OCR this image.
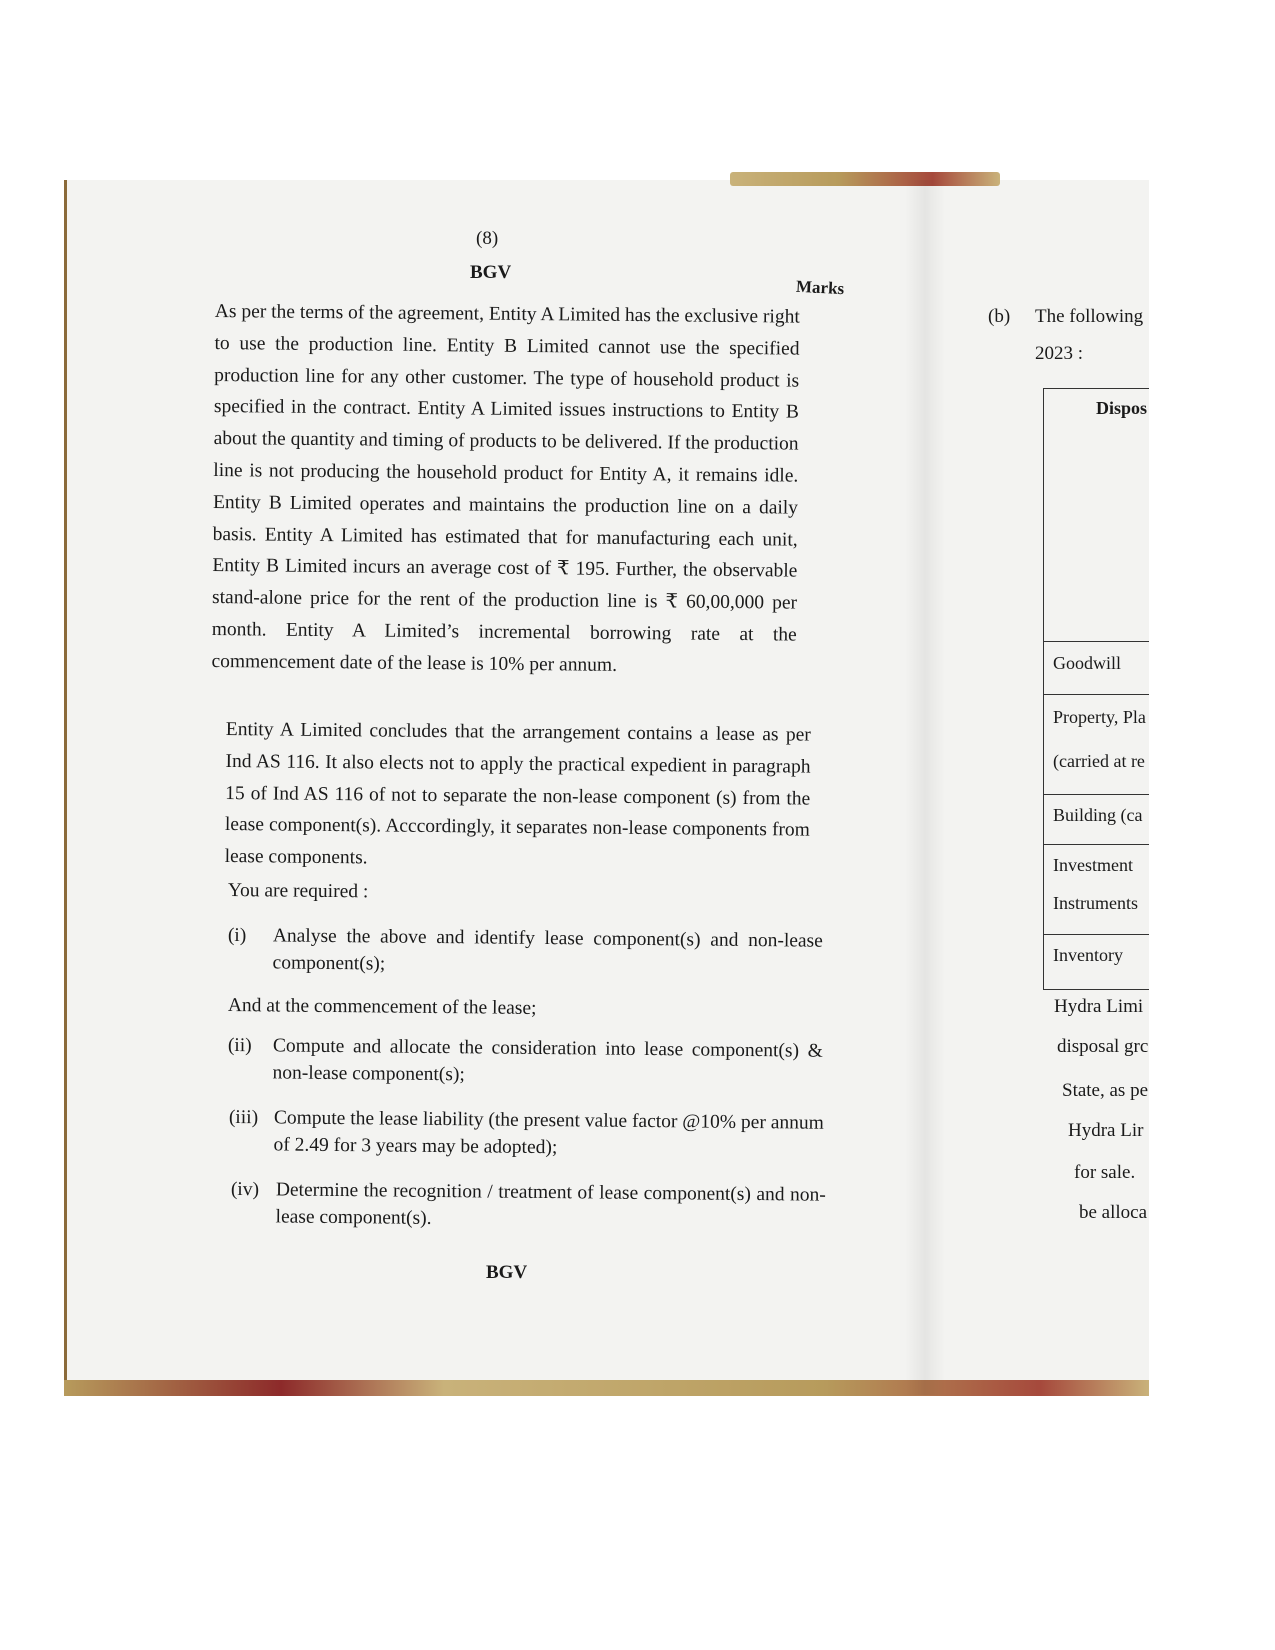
(8)
BGV
Marks
As per the terms of the agreement, Entity A Limited has the exclusive right to use the production line. Entity B Limited cannot use the specified production line for any other customer. The type of household product is specified in the contract. Entity A Limited issues instructions to Entity B about the quantity and timing of products to be delivered. If the production line is not producing the household product for Entity A, it remains idle. Entity B Limited operates and maintains the production line on a daily basis. Entity A Limited has estimated that for manufacturing each unit, Entity B Limited incurs an average cost of ₹ 195. Further, the observable stand-alone price for the rent of the production line is ₹ 60,00,000 per month. Entity A Limited’s incremental borrowing rate at the commencement date of the lease is 10% per annum.
Entity A Limited concludes that the arrangement contains a lease as per Ind AS 116. It also elects not to apply the practical expedient in paragraph 15 of Ind AS 116 of not to separate the non-lease component (s) from the lease component(s). Acccordingly, it separates non-lease components from lease components.
You are required :
(i) Analyse the above and identify lease component(s) and non-lease component(s);
And at the commencement of the lease;
(ii) Compute and allocate the consideration into lease component(s) & non-lease component(s);
(iii) Compute the lease liability (the present value factor @10% per annum of 2.49 for 3 years may be adopted);
(iv) Determine the recognition / treatment of lease component(s) and non-lease component(s).
BGV
(b) The following
2023 :
Goodwill
Property, Pla
(carried at re
Building (ca
Investment
Instruments
Inventory
Dispos
Hydra Limi
disposal grc
State, as pe
Hydra Lir
for sale.
be alloca
